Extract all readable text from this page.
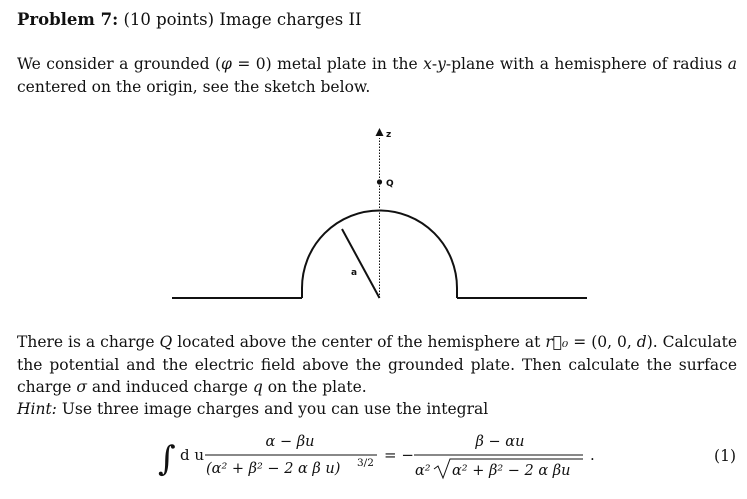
Problem 7: (10 points) Image charges II
We consider a grounded (φ = 0) metal plate in the x-y-plane with a hemisphere of radius a centered on the origin, see the sketch below.
z
Q
a
There is a charge Q located above the center of the hemisphere at r⃗₀ = (0, 0, d). Calculate the potential and the electric field above the grounded plate. Then calculate the surface charge σ and induced charge q on the plate.
Hint: Use three image charges and you can use the integral
∫ d u
α − βu
(α² + β² − 2 α β u) 3/2 = −
β − αu
α² α² + β² − 2 α βu
.	(1)
